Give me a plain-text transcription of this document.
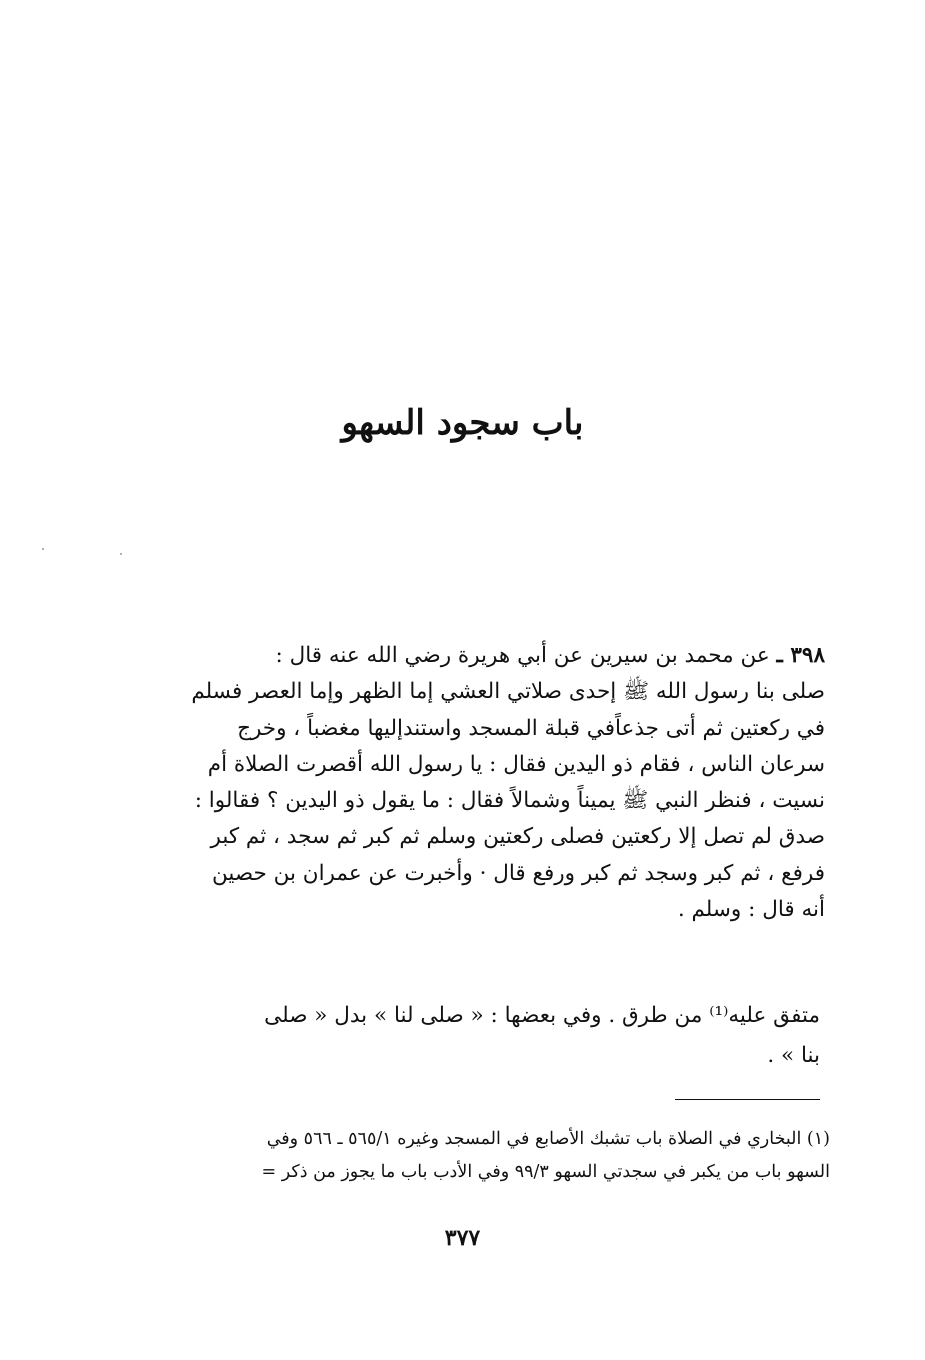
باب سجود السهو
٣٩٨ ـ عن محمد بن سيرين عن أبي هريرة رضي الله عنه قال :
صلى بنا رسول الله ﷺ إحدى صلاتي العشي إما الظهر وإما العصر فسلم
في ركعتين ثم أتى جذعاًفي قبلة المسجد واستندإليها مغضباً ، وخرج
سرعان الناس ، فقام ذو اليدين فقال : يا رسول الله أقصرت الصلاة أم
نسيت ، فنظر النبي ﷺ يميناً وشمالاً فقال : ما يقول ذو اليدين ؟ فقالوا :
صدق لم تصل إلا ركعتين فصلى ركعتين وسلم ثم كبر ثم سجد ، ثم كبر
فرفع ، ثم كبر وسجد ثم كبر ورفع قال · وأخبرت عن عمران بن حصين
أنه قال : وسلم .
متفق عليه⁽¹⁾ من طرق . وفي بعضها : « صلى لنا » بدل « صلى
بنا » .
(١) البخاري في الصلاة باب تشبك الأصابع في المسجد وغيره ٥٦٥/١ ـ ٥٦٦ وفي
السهو باب من يكبر في سجدتي السهو ٩٩/٣ وفي الأدب باب ما يجوز من ذكر =
٣٧٧
